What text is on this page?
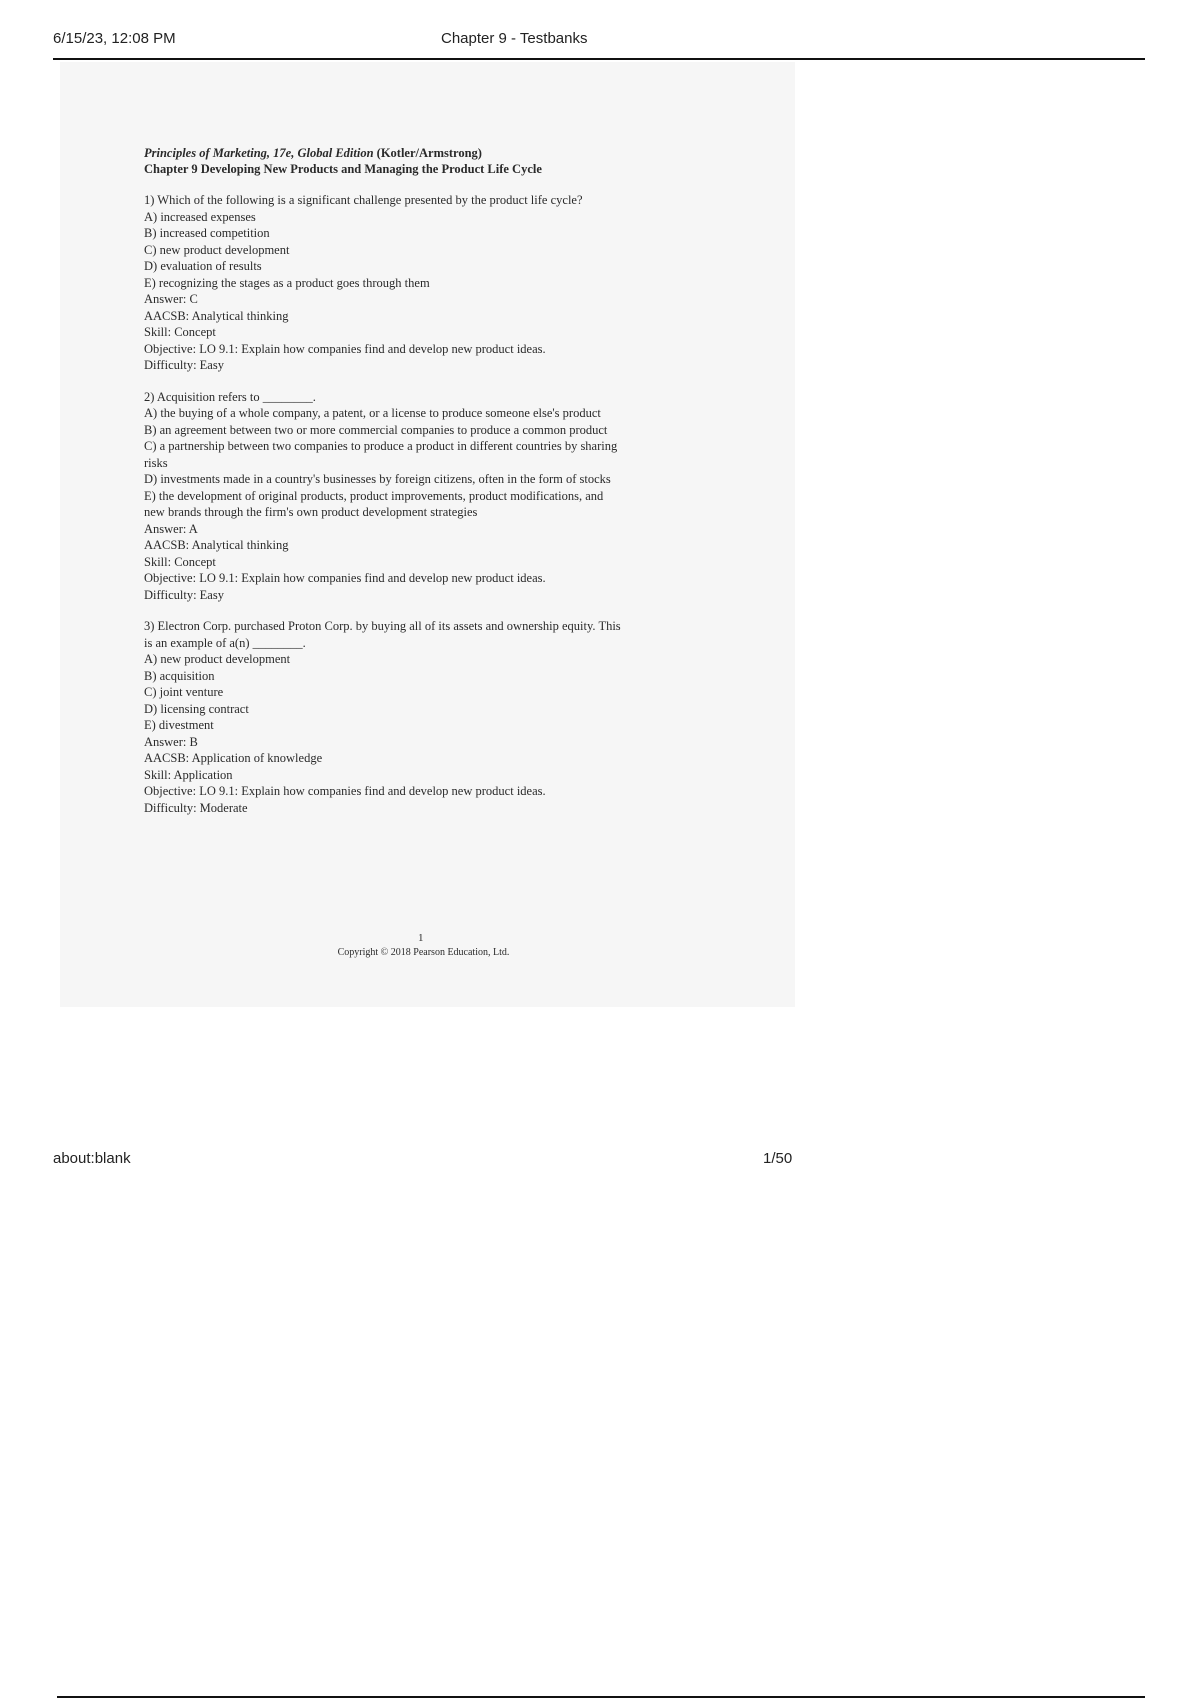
6/15/23, 12:08 PM	Chapter 9 - Testbanks
Principles of Marketing, 17e, Global Edition (Kotler/Armstrong)
Chapter 9 Developing New Products and Managing the Product Life Cycle
1) Which of the following is a significant challenge presented by the product life cycle?
A) increased expenses
B) increased competition
C) new product development
D) evaluation of results
E) recognizing the stages as a product goes through them
Answer: C
AACSB: Analytical thinking
Skill: Concept
Objective: LO 9.1: Explain how companies find and develop new product ideas.
Difficulty: Easy
2) Acquisition refers to ________.
A) the buying of a whole company, a patent, or a license to produce someone else's product
B) an agreement between two or more commercial companies to produce a common product
C) a partnership between two companies to produce a product in different countries by sharing
risks
D) investments made in a country's businesses by foreign citizens, often in the form of stocks
E) the development of original products, product improvements, product modifications, and
new brands through the firm's own product development strategies
Answer: A
AACSB: Analytical thinking
Skill: Concept
Objective: LO 9.1: Explain how companies find and develop new product ideas.
Difficulty: Easy
3) Electron Corp. purchased Proton Corp. by buying all of its assets and ownership equity. This
is an example of a(n) ________.
A) new product development
B) acquisition
C) joint venture
D) licensing contract
E) divestment
Answer: B
AACSB: Application of knowledge
Skill: Application
Objective: LO 9.1: Explain how companies find and develop new product ideas.
Difficulty: Moderate
1
Copyright © 2018 Pearson Education, Ltd.
about:blank	1/50
